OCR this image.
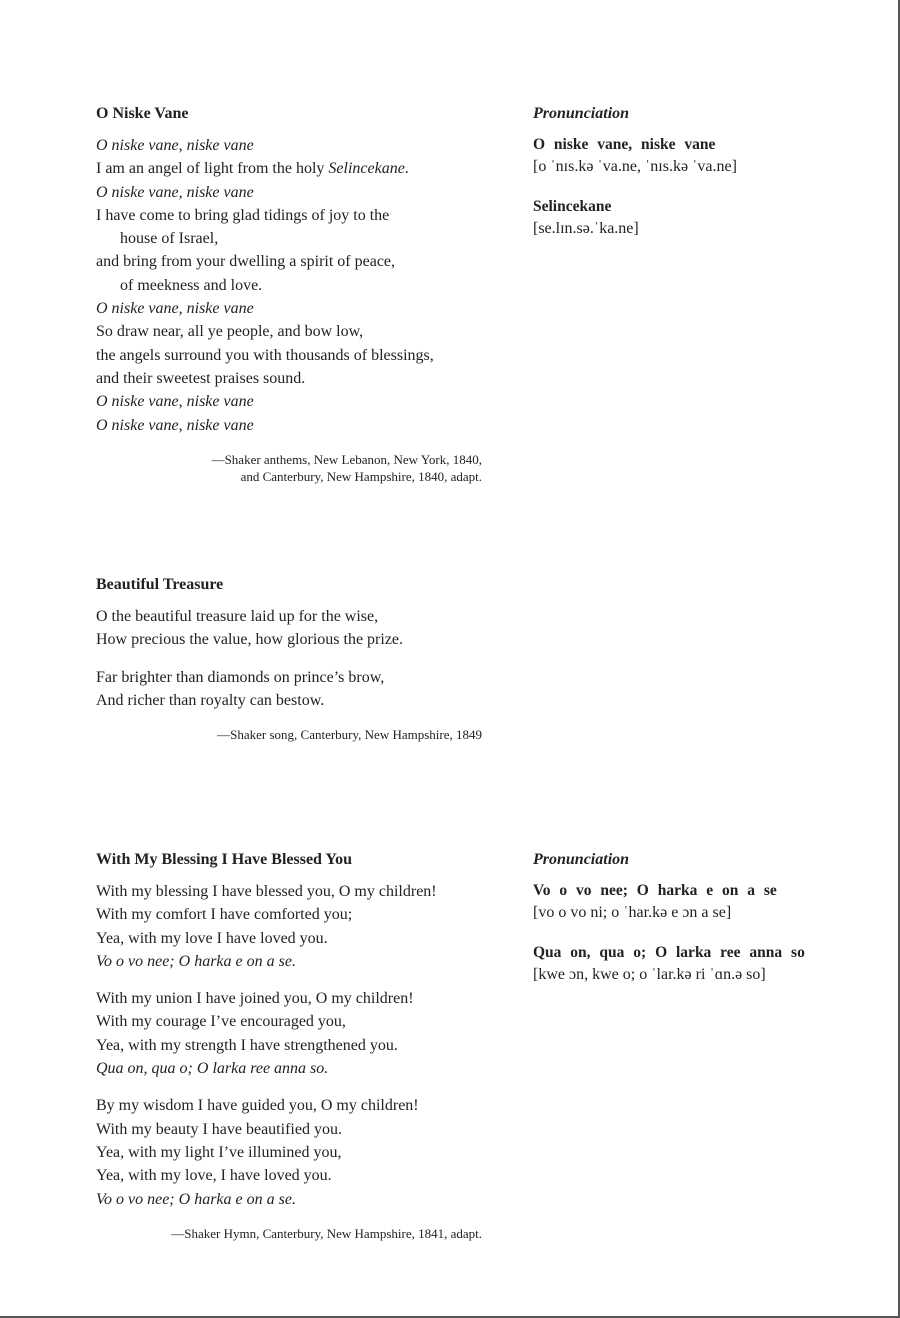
O Niske Vane
O niske vane, niske vane
I am an angel of light from the holy Selincekane.
O niske vane, niske vane
I have come to bring glad tidings of joy to the
house of Israel,
and bring from your dwelling a spirit of peace,
of meekness and love.
O niske vane, niske vane
So draw near, all ye people, and bow low,
the angels surround you with thousands of blessings,
and their sweetest praises sound.
O niske vane, niske vane
O niske vane, niske vane
—Shaker anthems, New Lebanon, New York, 1840,
and Canterbury, New Hampshire, 1840, adapt.
Pronunciation
O niske vane, niske vane
[o ˈnɪs.kə ˈva.ne, ˈnɪs.kə ˈva.ne]
Selincekane
[se.lɪn.sə.ˈka.ne]
Beautiful Treasure
O the beautiful treasure laid up for the wise,
How precious the value, how glorious the prize.
Far brighter than diamonds on prince’s brow,
And richer than royalty can bestow.
—Shaker song, Canterbury, New Hampshire, 1849
With My Blessing I Have Blessed You
With my blessing I have blessed you, O my children!
With my comfort I have comforted you;
Yea, with my love I have loved you.
Vo o vo nee; O harka e on a se.
With my union I have joined you, O my children!
With my courage I’ve encouraged you,
Yea, with my strength I have strengthened you.
Qua on, qua o; O larka ree anna so.
By my wisdom I have guided you, O my children!
With my beauty I have beautified you.
Yea, with my light I’ve illumined you,
Yea, with my love, I have loved you.
Vo o vo nee; O harka e on a se.
—Shaker Hymn, Canterbury, New Hampshire, 1841, adapt.
Pronunciation
Vo o vo nee; O harka e on a se
[vo o vo ni; o ˈhar.kə e ɔn a se]
Qua on, qua o; O larka ree anna so
[kwe ɔn, kwe o; o ˈlar.kə ri ˈɑn.ə so]
